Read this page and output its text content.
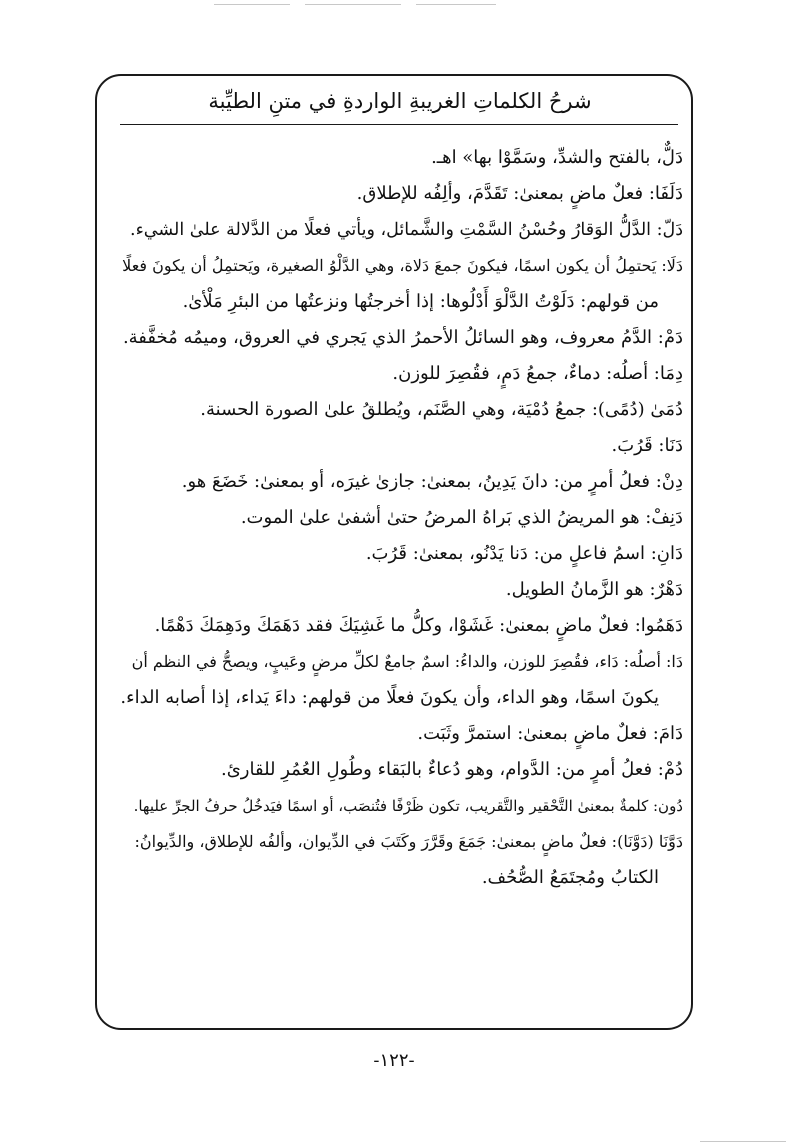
شرحُ الكلماتِ الغريبةِ الواردةِ في متنِ الطيِّبة
دَلٌّ، بالفتح والشدِّ، وسَمَّوْا بها» اهـ.
دَلَفَا: فعلٌ ماضٍ بمعنىٰ: تَقَدَّمَ، وألِفُه للإطلاق.
دَلّ: الدَّلُّ الوَقارُ وحُسْنُ السَّمْتِ والشَّمائل، ويأتي فعلًا من الدَّلالة علىٰ الشيء.
دَلَا: يَحتمِلُ أن يكون اسمًا، فيكونَ جمعَ دَلاة، وهي الدَّلْوُ الصغيرة، ويَحتمِلُ أن يكونَ فعلًا
من قولهم: دَلَوْتُ الدَّلْوَ أَدْلُوها: إذا أخرجتُها ونزعتُها من البئرِ مَلْأىٰ.
دَمْ: الدَّمُ معروف، وهو السائلُ الأحمرُ الذي يَجري في العروق، وميمُه مُخفَّفة.
دِمَا: أصلُه: دماءٌ، جمعُ دَمٍ، فقُصِرَ للوزن.
دُمَىٰ (دُمًى): جمعُ دُمْيَة، وهي الصَّنَم، ويُطلقُ علىٰ الصورة الحسنة.
دَنَا: قَرُبَ.
دِنْ: فعلُ أمرٍ من: دانَ يَدِينُ، بمعنىٰ: جازىٰ غيرَه، أو بمعنىٰ: خَضَعَ هو.
دَنِفْ: هو المريضُ الذي بَراهُ المرضُ حتىٰ أشفىٰ علىٰ الموت.
دَانِ: اسمُ فاعلٍ من: دَنا يَدْنُو، بمعنىٰ: قَرُبَ.
دَهْرٌ: هو الزَّمانُ الطويل.
دَهَمُوا: فعلٌ ماضٍ بمعنىٰ: غَشَوْا، وكلُّ ما غَشِيَكَ فقد دَهَمَكَ ودَهِمَكَ دَهْمًا.
دَا: أصلُه: دَاء، فقُصِرَ للوزن، والداءُ: اسمٌ جامعٌ لكلِّ مرضٍ وعَيبٍ، ويصحُّ في النظم أن
يكونَ اسمًا، وهو الداء، وأن يكونَ فعلًا من قولهم: داءَ يَداء، إذا أصابه الداء.
دَامَ: فعلٌ ماضٍ بمعنىٰ: استمرَّ وثَبَت.
دُمْ: فعلُ أمرٍ من: الدَّوام، وهو دُعاءٌ بالبَقاء وطُولِ العُمُرِ للقارئ.
دُون: كلمةٌ بمعنىٰ التَّحْقير والتَّقريب، تكون ظَرْفًا فتُنصَب، أو اسمًا فيَدخُلُ حرفُ الجرِّ عليها.
دَوَّنَا (دَوَّنَا): فعلٌ ماضٍ بمعنىٰ: جَمَعَ وقَرَّرَ وكَتَبَ في الدِّيوان، وألفُه للإطلاق، والدِّيوانُ:
الكتابُ ومُجتَمَعُ الصُّحُف.
-١٢٢-
